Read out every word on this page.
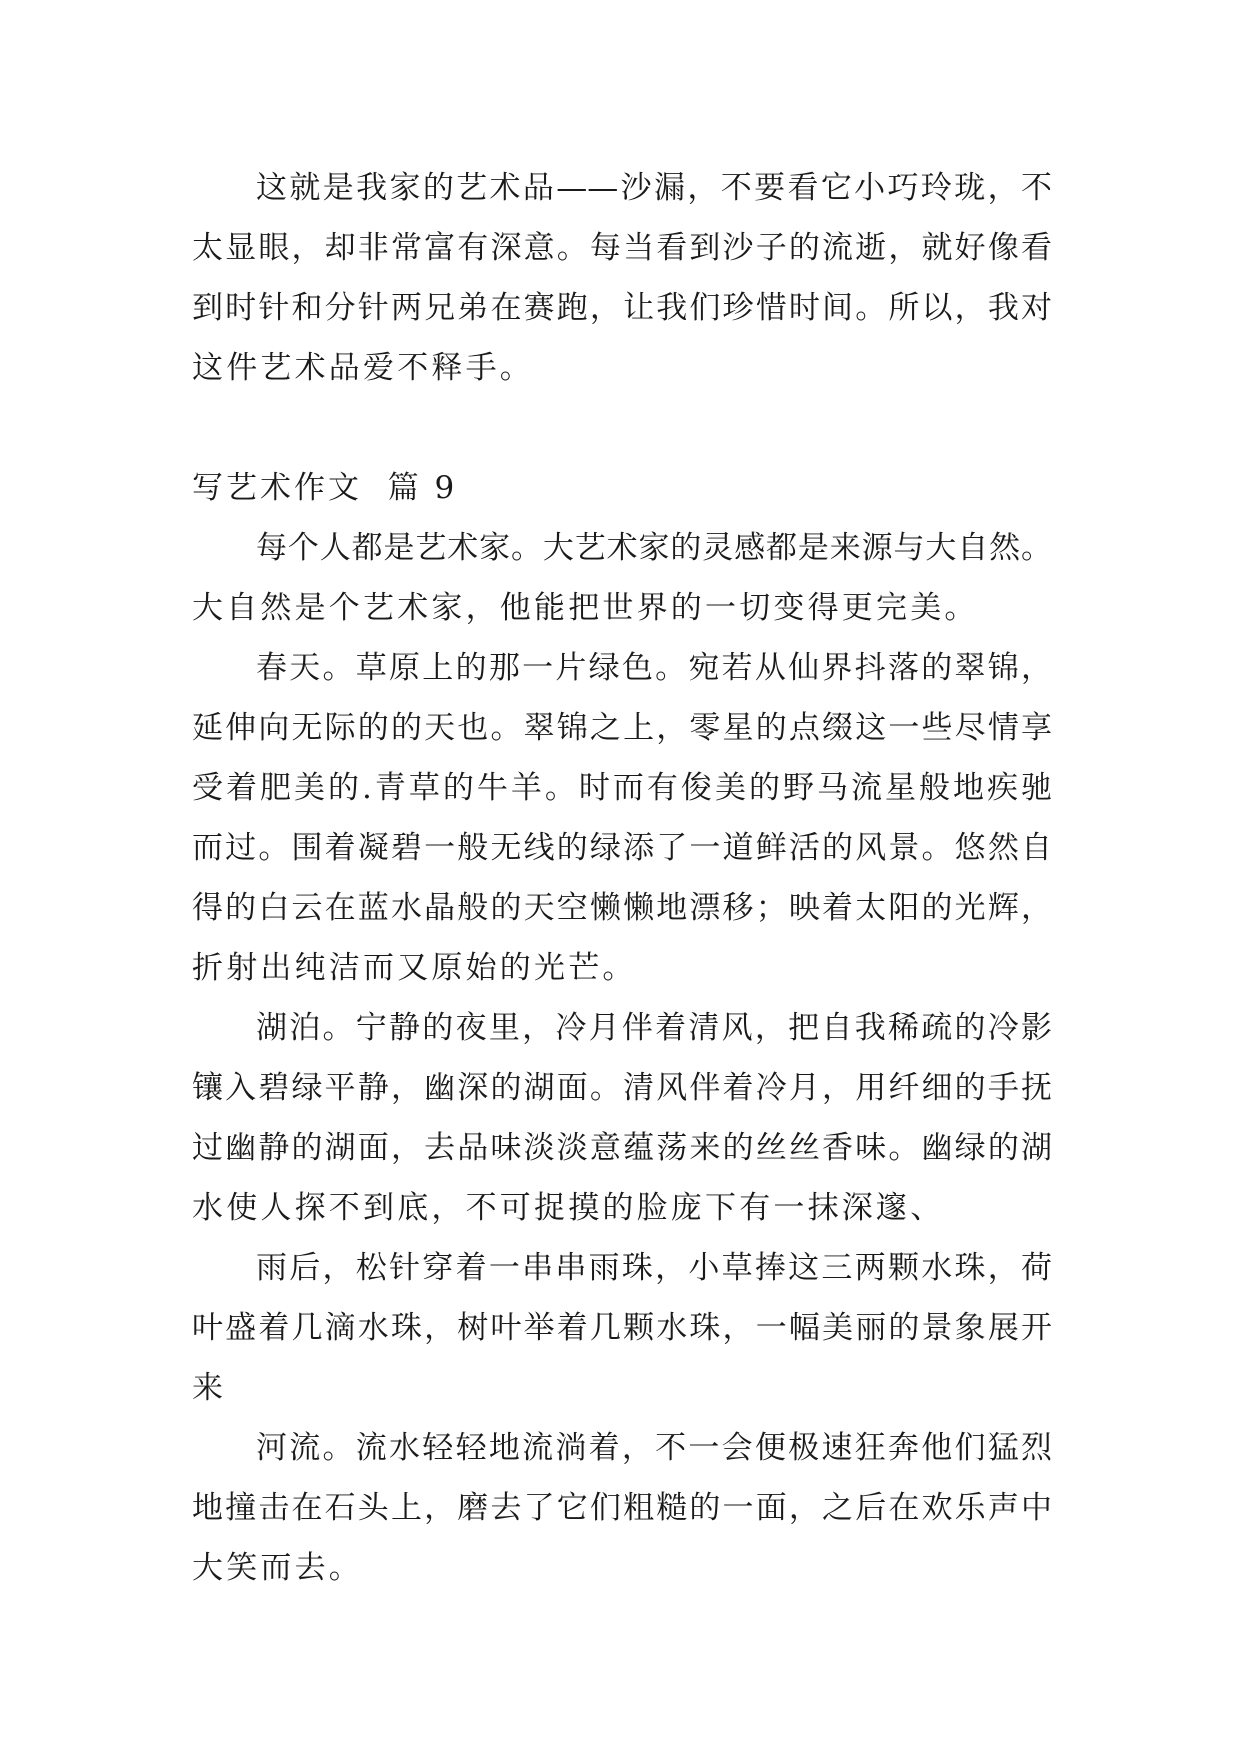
这就是我家的艺术品——沙漏，不要看它小巧玲珑，不
太显眼，却非常富有深意。每当看到沙子的流逝，就好像看
到时针和分针两兄弟在赛跑，让我们珍惜时间。所以，我对
这件艺术品爱不释手。
写艺术作文  篇 9
每个人都是艺术家。大艺术家的灵感都是来源与大自然。
大自然是个艺术家，他能把世界的一切变得更完美。
春天。草原上的那一片绿色。宛若从仙界抖落的翠锦，
延伸向无际的的天也。翠锦之上，零星的点缀这一些尽情享
受着肥美的.青草的牛羊。时而有俊美的野马流星般地疾驰
而过。围着凝碧一般无线的绿添了一道鲜活的风景。悠然自
得的白云在蓝水晶般的天空懒懒地漂移；映着太阳的光辉，
折射出纯洁而又原始的光芒。
湖泊。宁静的夜里，冷月伴着清风，把自我稀疏的冷影
镶入碧绿平静，幽深的湖面。清风伴着冷月，用纤细的手抚
过幽静的湖面，去品味淡淡意蕴荡来的丝丝香味。幽绿的湖
水使人探不到底，不可捉摸的脸庞下有一抹深邃、
雨后，松针穿着一串串雨珠，小草捧这三两颗水珠，荷
叶盛着几滴水珠，树叶举着几颗水珠，一幅美丽的景象展开
来
河流。流水轻轻地流淌着，不一会便极速狂奔他们猛烈
地撞击在石头上，磨去了它们粗糙的一面，之后在欢乐声中
大笑而去。
